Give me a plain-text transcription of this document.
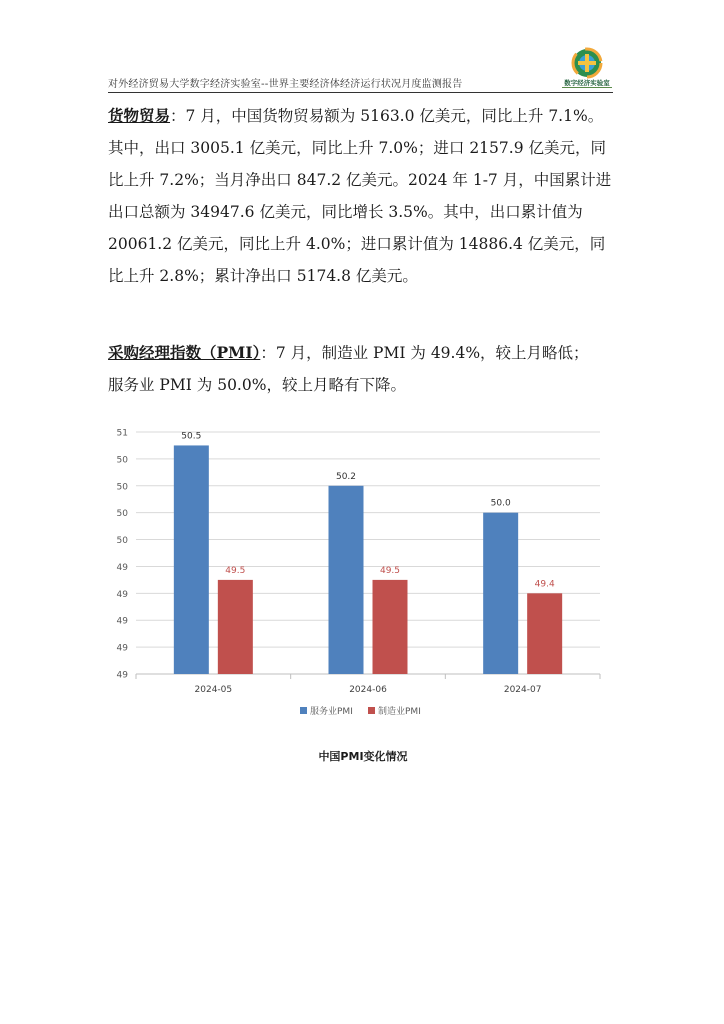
对外经济贸易大学数字经济实验室--世界主要经济体经济运行状况月度监测报告	数字经济实验室
货物贸易：7 月，中国货物贸易额为 5163.0 亿美元，同比上升 7.1%。
其中，出口 3005.1 亿美元，同比上升 7.0%；进口 2157.9 亿美元，同
比上升 7.2%；当月净出口 847.2 亿美元。2024 年 1-7 月，中国累计进
出口总额为 34947.6 亿美元，同比增长 3.5%。其中，出口累计值为
20061.2 亿美元，同比上升 4.0%；进口累计值为 14886.4 亿美元，同
比上升 2.8%；累计净出口 5174.8 亿美元。
采购经理指数（PMI）：7 月，制造业 PMI 为 49.4%，较上月略低；
服务业 PMI 为 50.0%，较上月略有下降。
49
49
49
49
49
50
50
50
50
51	50.5
49.5
2024-05
50.2
49.5
2024-06
50.0
49.4
2024-07
服务业PMI	制造业PMI
中国PMI变化情况
